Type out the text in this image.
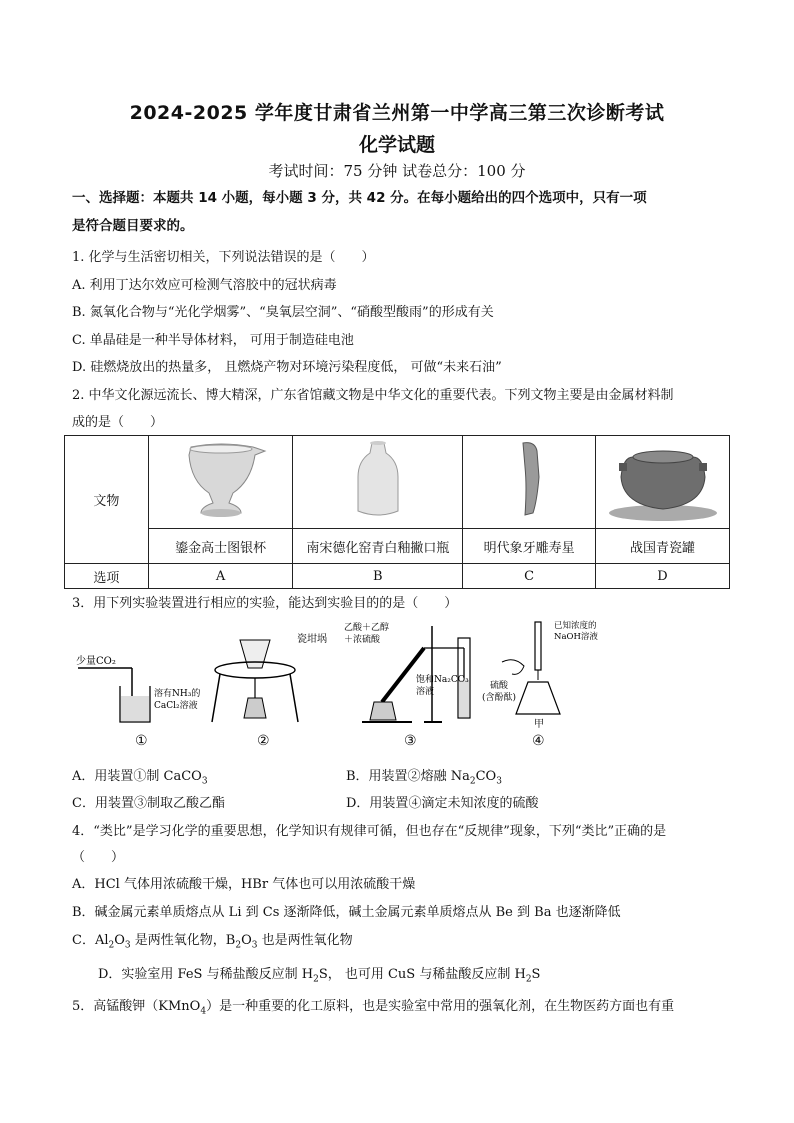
2024-2025 学年度甘肃省兰州第一中学高三第三次诊断考试
化学试题
考试时间：75 分钟 试卷总分：100 分
一、选择题：本题共 14 小题，每小题 3 分，共 42 分。在每小题给出的四个选项中，只有一项
是符合题目要求的。
1. 化学与生活密切相关，下列说法错误的是（　　）
A. 利用丁达尔效应可检测气溶胶中的冠状病毒
B. 氮氧化合物与“光化学烟雾”、“臭氧层空洞”、“硝酸型酸雨”的形成有关
C. 单晶硅是一种半导体材料， 可用于制造硅电池
D. 硅燃烧放出的热量多， 且燃烧产物对环境污染程度低， 可做“未来石油”
2. 中华文化源远流长、博大精深，广东省馆藏文物是中华文化的重要代表。下列文物主要是由金属材料制
成的是（　　）
文物				
	鎏金高士图银杯	南宋德化窑青白釉撇口瓶	明代象牙雕寿星	战国青瓷罐
选项	A	B	C	D
3．用下列实验装置进行相应的实验，能达到实验目的的是（　　）
少量CO₂
溶有NH₃的
CaCl₂溶液
瓷坩埚
乙酸＋乙醇
＋浓硫酸
饱和Na₂CO₃
溶液
已知浓度的
NaOH溶液
硫酸
(含酚酞)
甲
①	②	③	④
A．用装置①制 CaCO$_3$	B．用装置②熔融 $Na_2CO_3$
C．用装置③制取乙酸乙酯	D．用装置④滴定未知浓度的硫酸
4．“类比”是学习化学的重要思想，化学知识有规律可循，但也存在“反规律”现象，下列“类比”正确的是
（　　）
A．HCl 气体用浓硫酸干燥，HBr 气体也可以用浓硫酸干燥
B．碱金属元素单质熔点从 Li 到 Cs 逐渐降低，碱土金属元素单质熔点从 Be 到 Ba 也逐渐降低
C．$Al_2O_3$ 是两性氧化物，$B_2O_3$ 也是两性氧化物
D．实验室用 FeS 与稀盐酸反应制 $H_2S$， 也可用 CuS 与稀盐酸反应制 $H_2S$
5．高锰酸钾（KMnO$_4$）是一种重要的化工原料，也是实验室中常用的强氧化剂，在生物医药方面也有重
